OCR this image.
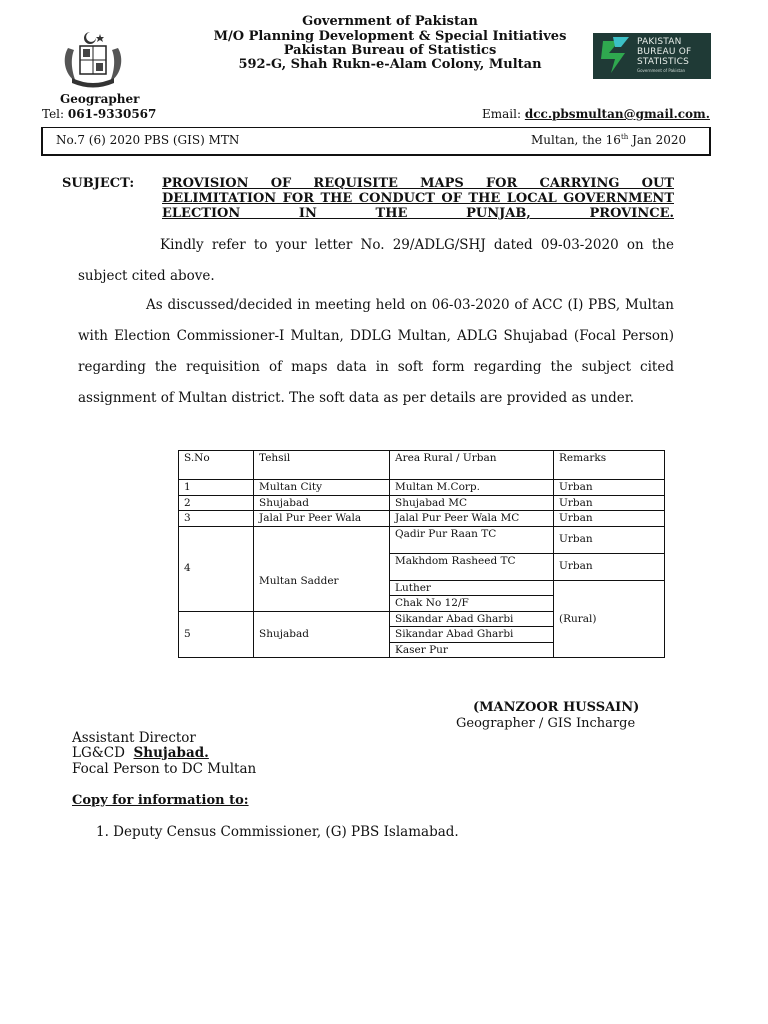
Government of Pakistan
M/O Planning Development & Special Initiatives
Pakistan Bureau of Statistics
592-G, Shah Rukn-e-Alam Colony, Multan
PAKISTAN
BUREAU OF
STATISTICS
Government of Pakistan
Geographer
Tel: 061-9330567	Email: dcc.pbsmultan@gmail.com.
No.7 (6) 2020 PBS (GIS) MTN	Multan, the 16th Jan 2020
SUBJECT: PROVISION OF REQUISITE MAPS FOR CARRYING OUT DELIMITATION FOR THE CONDUCT OF THE LOCAL GOVERNMENT ELECTION IN THE PUNJAB, PROVINCE.
Kindly refer to your letter No. 29/ADLG/SHJ dated 09-03-2020 on the subject cited above.
As discussed/decided in meeting held on 06-03-2020 of ACC (I) PBS, Multan with Election Commissioner-I Multan, DDLG Multan, ADLG Shujabad (Focal Person) regarding the requisition of maps data in soft form regarding the subject cited assignment of Multan district. The soft data as per details are provided as under.
S.No	Tehsil	Area Rural / Urban	Remarks
1	Multan City	Multan M.Corp.	Urban
2	Shujabad	Shujabad MC	Urban
3	Jalal Pur Peer Wala	Jalal Pur Peer Wala MC	Urban
4	Multan Sadder	Qadir Pur Raan TC	Urban
		Makhdom Rasheed TC	Urban
		Luther	(Rural)
		Chak No 12/F	
5	Shujabad	Sikandar Abad Gharbi	
		Sikandar Abad Gharbi	
		Kaser Pur	
(MANZOOR HUSSAIN)
Geographer / GIS Incharge
Assistant Director
LG&CD Shujabad.
Focal Person to DC Multan
Copy for information to:
1. Deputy Census Commissioner, (G) PBS Islamabad.
